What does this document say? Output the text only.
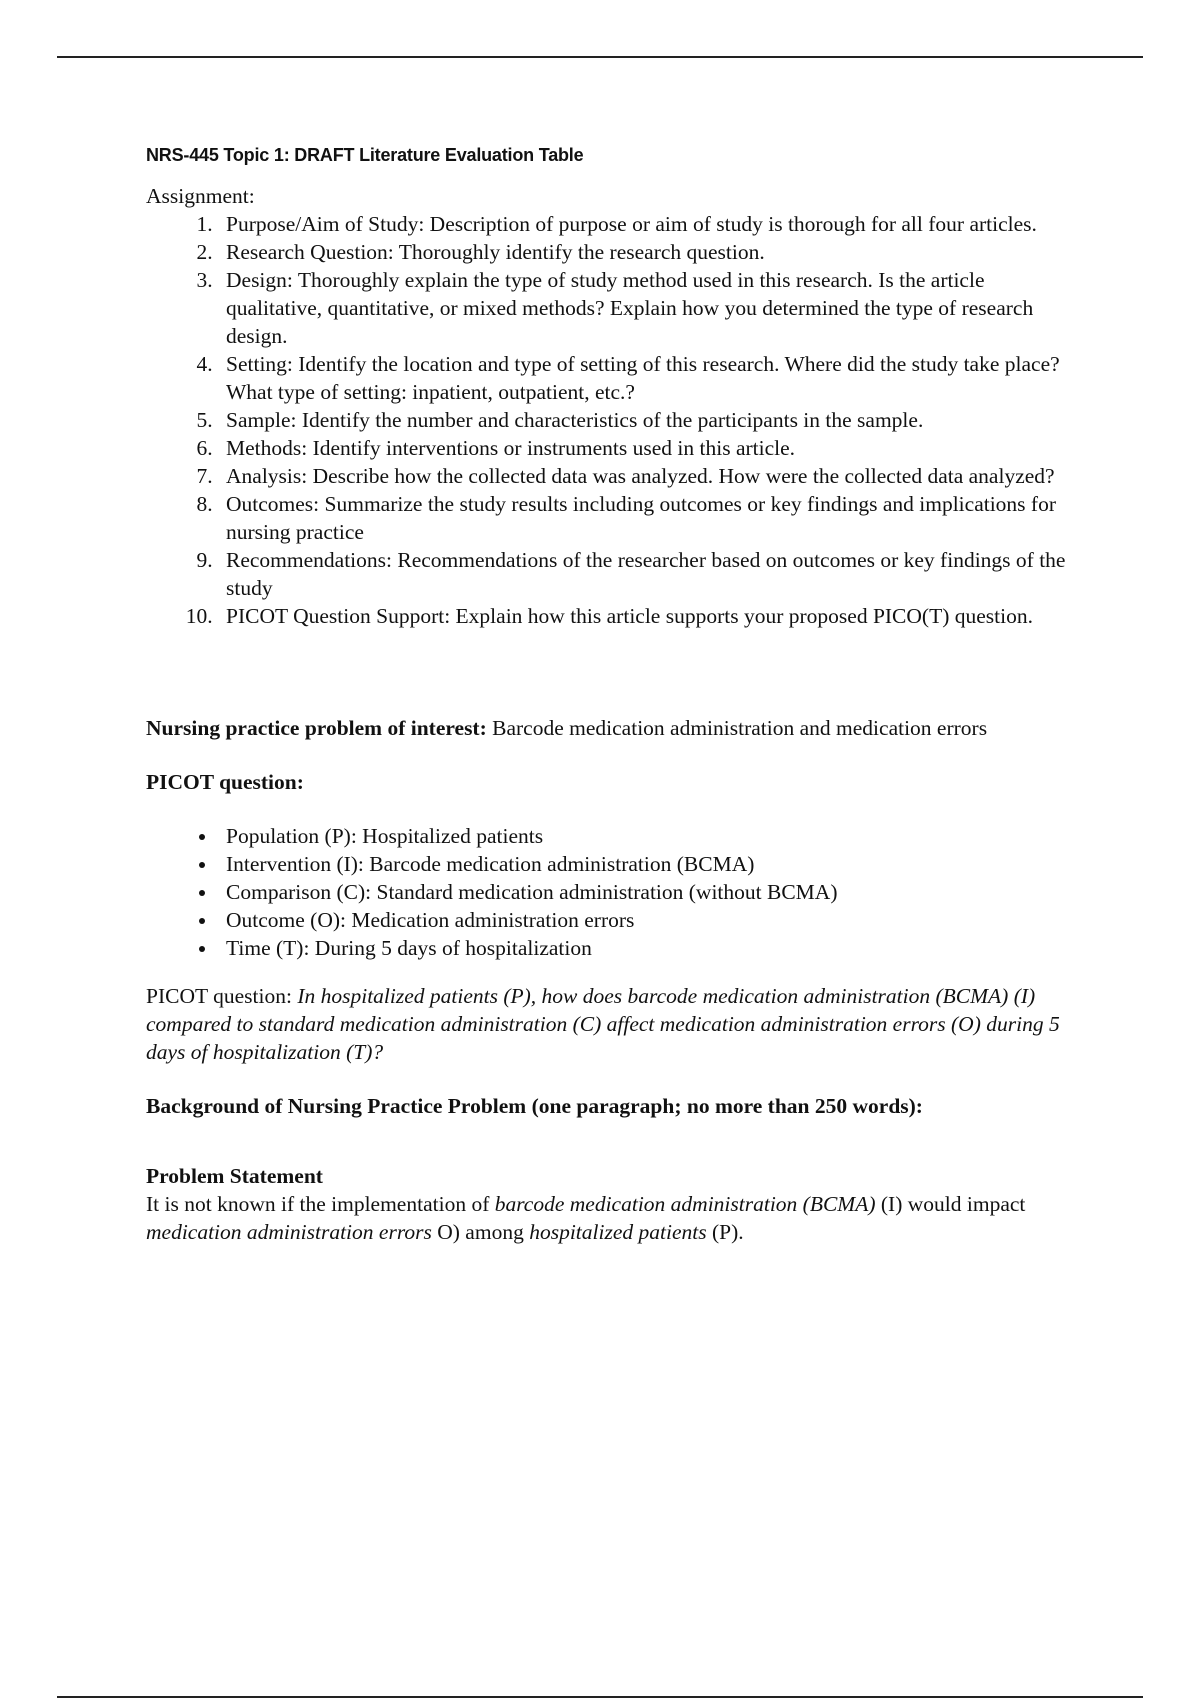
NRS-445 Topic 1: DRAFT Literature Evaluation Table

Assignment:

1. Purpose/Aim of Study: Description of purpose or aim of study is thorough for all four articles.
2. Research Question: Thoroughly identify the research question.
3. Design: Thoroughly explain the type of study method used in this research. Is the article qualitative, quantitative, or mixed methods? Explain how you determined the type of research design.
4. Setting: Identify the location and type of setting of this research. Where did the study take place? What type of setting: inpatient, outpatient, etc.?
5. Sample: Identify the number and characteristics of the participants in the sample.
6. Methods: Identify interventions or instruments used in this article.
7. Analysis: Describe how the collected data was analyzed. How were the collected data analyzed?
8. Outcomes: Summarize the study results including outcomes or key findings and implications for nursing practice
9. Recommendations: Recommendations of the researcher based on outcomes or key findings of the study
10. PICOT Question Support: Explain how this article supports your proposed PICO(T) question.

Nursing practice problem of interest: Barcode medication administration and medication errors

PICOT question:

• Population (P): Hospitalized patients
• Intervention (I): Barcode medication administration (BCMA)
• Comparison (C): Standard medication administration (without BCMA)
• Outcome (O): Medication administration errors
• Time (T): During 5 days of hospitalization

PICOT question: In hospitalized patients (P), how does barcode medication administration (BCMA) (I) compared to standard medication administration (C) affect medication administration errors (O) during 5 days of hospitalization (T)?

Background of Nursing Practice Problem (one paragraph; no more than 250 words):

Problem Statement

It is not known if the implementation of barcode medication administration (BCMA) (I) would impact medication administration errors O) among hospitalized patients (P).
